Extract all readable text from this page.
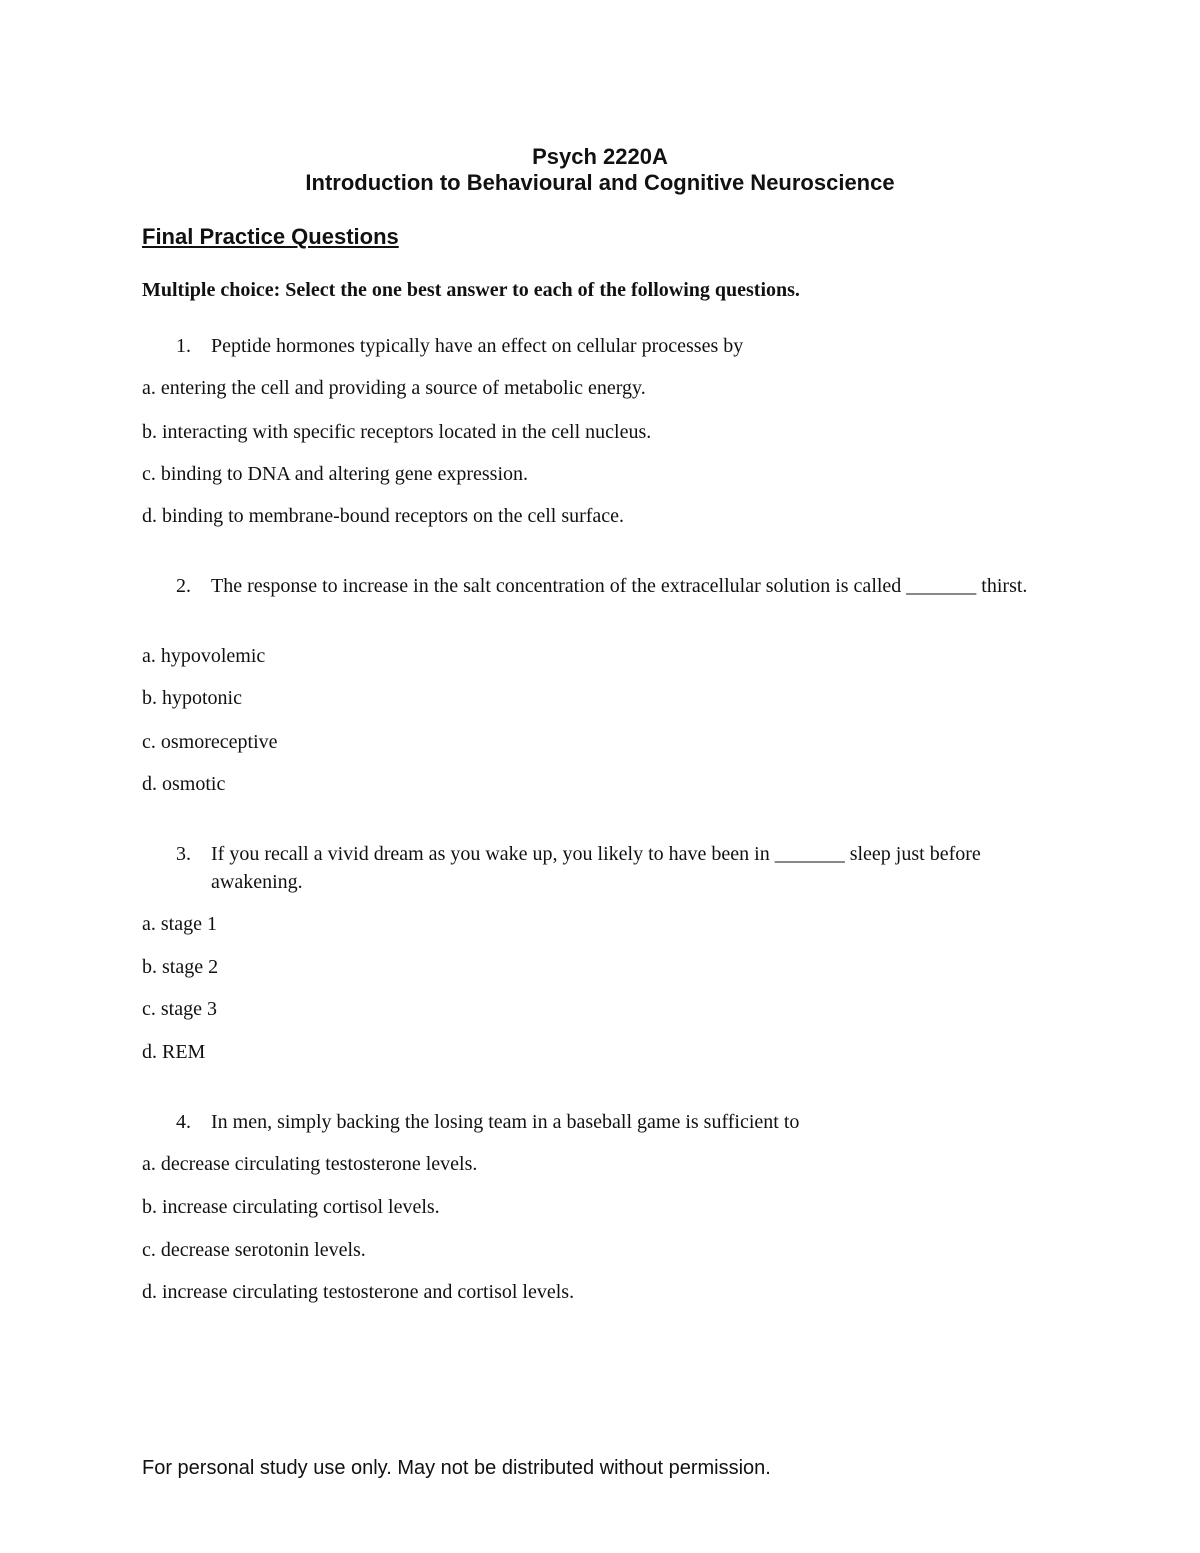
Psych 2220A
Introduction to Behavioural and Cognitive Neuroscience
Final Practice Questions
Multiple choice: Select the one best answer to each of the following questions.
1.	Peptide hormones typically have an effect on cellular processes by
a. entering the cell and providing a source of metabolic energy.
b. interacting with specific receptors located in the cell nucleus.
c. binding to DNA and altering gene expression.
d. binding to membrane-bound receptors on the cell surface.
2.	The response to increase in the salt concentration of the extracellular solution is called _______ thirst.
a. hypovolemic
b. hypotonic
c. osmoreceptive
d. osmotic
3.	If you recall a vivid dream as you wake up, you likely to have been in _______ sleep just before awakening.
a. stage 1
b. stage 2
c. stage 3
d. REM
4.	In men, simply backing the losing team in a baseball game is sufficient to
a. decrease circulating testosterone levels.
b. increase circulating cortisol levels.
c. decrease serotonin levels.
d. increase circulating testosterone and cortisol levels.
For personal study use only. May not be distributed without permission.
